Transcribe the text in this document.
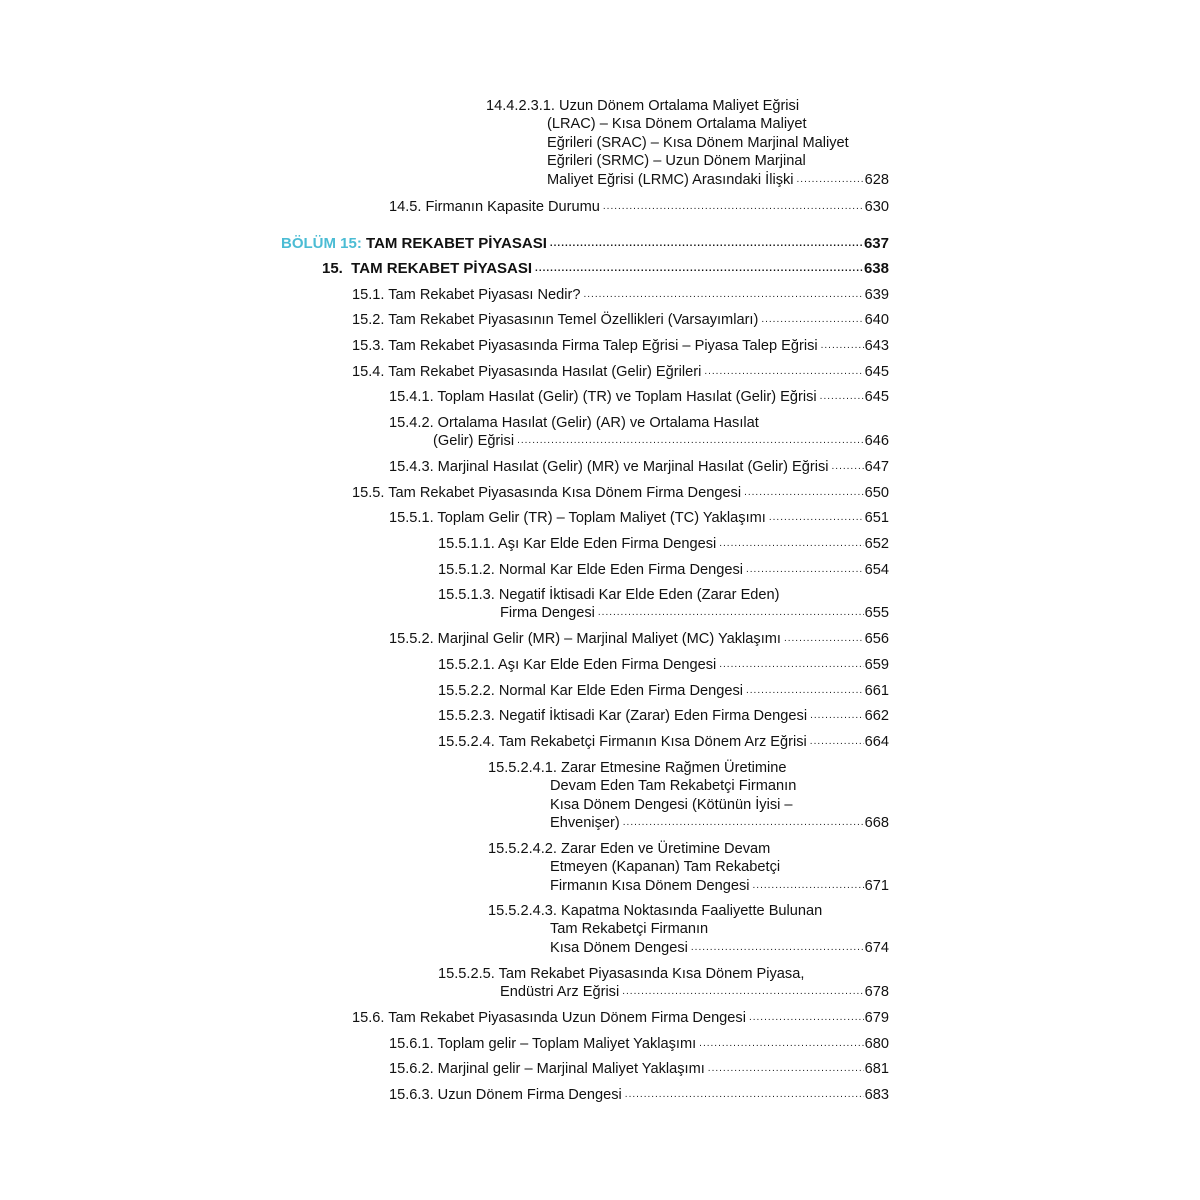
14.4.2.3.1. Uzun Dönem Ortalama Maliyet Eğrisi
(LRAC) – Kısa Dönem Ortalama Maliyet
Eğrileri (SRAC) – Kısa Dönem Marjinal Maliyet
Eğrileri (SRMC) – Uzun Dönem Marjinal
Maliyet Eğrisi (LRMC) Arasındaki İlişki .....	628
14.5. Firmanın Kapasite Durumu .....	630
BÖLÜM 15: TAM REKABET PİYASASI .....	637
15.  TAM REKABET PİYASASI .....	638
15.1. Tam Rekabet Piyasası Nedir? .....	639
15.2. Tam Rekabet Piyasasının Temel Özellikleri (Varsayımları) .....	640
15.3. Tam Rekabet Piyasasında Firma Talep Eğrisi – Piyasa Talep Eğrisi .....	643
15.4. Tam Rekabet Piyasasında Hasılat (Gelir) Eğrileri .....	645
15.4.1. Toplam Hasılat (Gelir) (TR) ve Toplam Hasılat (Gelir) Eğrisi .....	645
15.4.2. Ortalama Hasılat (Gelir) (AR) ve Ortalama Hasılat
(Gelir) Eğrisi .....	646
15.4.3. Marjinal Hasılat (Gelir) (MR) ve Marjinal Hasılat (Gelir) Eğrisi ..... 647
15.5. Tam Rekabet Piyasasında Kısa Dönem Firma Dengesi .....	650
15.5.1. Toplam Gelir (TR) – Toplam Maliyet (TC) Yaklaşımı .....	651
15.5.1.1. Aşı Kar Elde Eden Firma Dengesi .....	652
15.5.1.2. Normal Kar Elde Eden Firma Dengesi .....	654
15.5.1.3. Negatif İktisadi Kar Elde Eden (Zarar Eden)
Firma Dengesi .....	655
15.5.2. Marjinal Gelir (MR) – Marjinal Maliyet (MC) Yaklaşımı .....	656
15.5.2.1. Aşı Kar Elde Eden Firma Dengesi .....	659
15.5.2.2. Normal Kar Elde Eden Firma Dengesi .....	661
15.5.2.3. Negatif İktisadi Kar (Zarar) Eden Firma Dengesi .....	662
15.5.2.4. Tam Rekabetçi Firmanın Kısa Dönem Arz Eğrisi .....	664
15.5.2.4.1. Zarar Etmesine Rağmen Üretimine
Devam Eden Tam Rekabetçi Firmanın
Kısa Dönem Dengesi (Kötünün İyisi –
Ehvenişer) .....	668
15.5.2.4.2. Zarar Eden ve Üretimine Devam
Etmeyen (Kapanan) Tam Rekabetçi
Firmanın Kısa Dönem Dengesi .....	671
15.5.2.4.3. Kapatma Noktasında Faaliyette Bulunan
Tam Rekabetçi Firmanın
Kısa Dönem Dengesi .....	674
15.5.2.5. Tam Rekabet Piyasasında Kısa Dönem Piyasa,
Endüstri Arz Eğrisi .....	678
15.6. Tam Rekabet Piyasasında Uzun Dönem Firma Dengesi .....	679
15.6.1. Toplam gelir – Toplam Maliyet Yaklaşımı .....	680
15.6.2. Marjinal gelir – Marjinal Maliyet Yaklaşımı .....	681
15.6.3. Uzun Dönem Firma Dengesi .....	683
